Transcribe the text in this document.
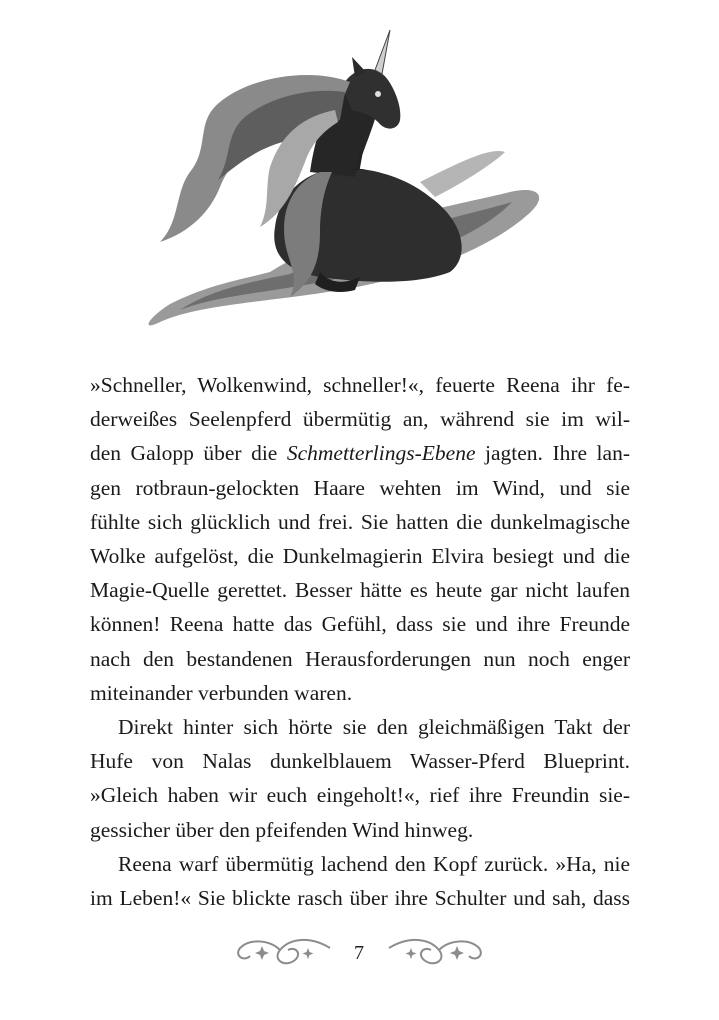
1

»Schneller, Wolkenwind, schneller!«, feuerte Reena ihr fe-

derweißes Seelenpferd übermütig an, während sie im wil-

den Galopp über die Schmetterlings-Ebene jagten. Ihre lan-

gen rotbraun-gelockten Haare wehten im Wind, und sie

fühlte sich glücklich und frei. Sie hatten die dunkelmagische

Wolke aufgelöst, die Dunkelmagierin Elvira besiegt und die

Magie-Quelle gerettet. Besser hätte es heute gar nicht laufen

können! Reena hatte das Gefühl, dass sie und ihre Freunde

nach den bestandenen Herausforderungen nun noch enger

miteinander verbunden waren.

Direkt hinter sich hörte sie den gleichmäßigen Takt der

Hufe von Nalas dunkelblauem Wasser-Pferd Blueprint.

»Gleich haben wir euch eingeholt!«, rief ihre Freundin sie-

gessicher über den pfeifenden Wind hinweg.

Reena warf übermütig lachend den Kopf zurück. »Ha, nie

im Leben!« Sie blickte rasch über ihre Schulter und sah, dass

7
